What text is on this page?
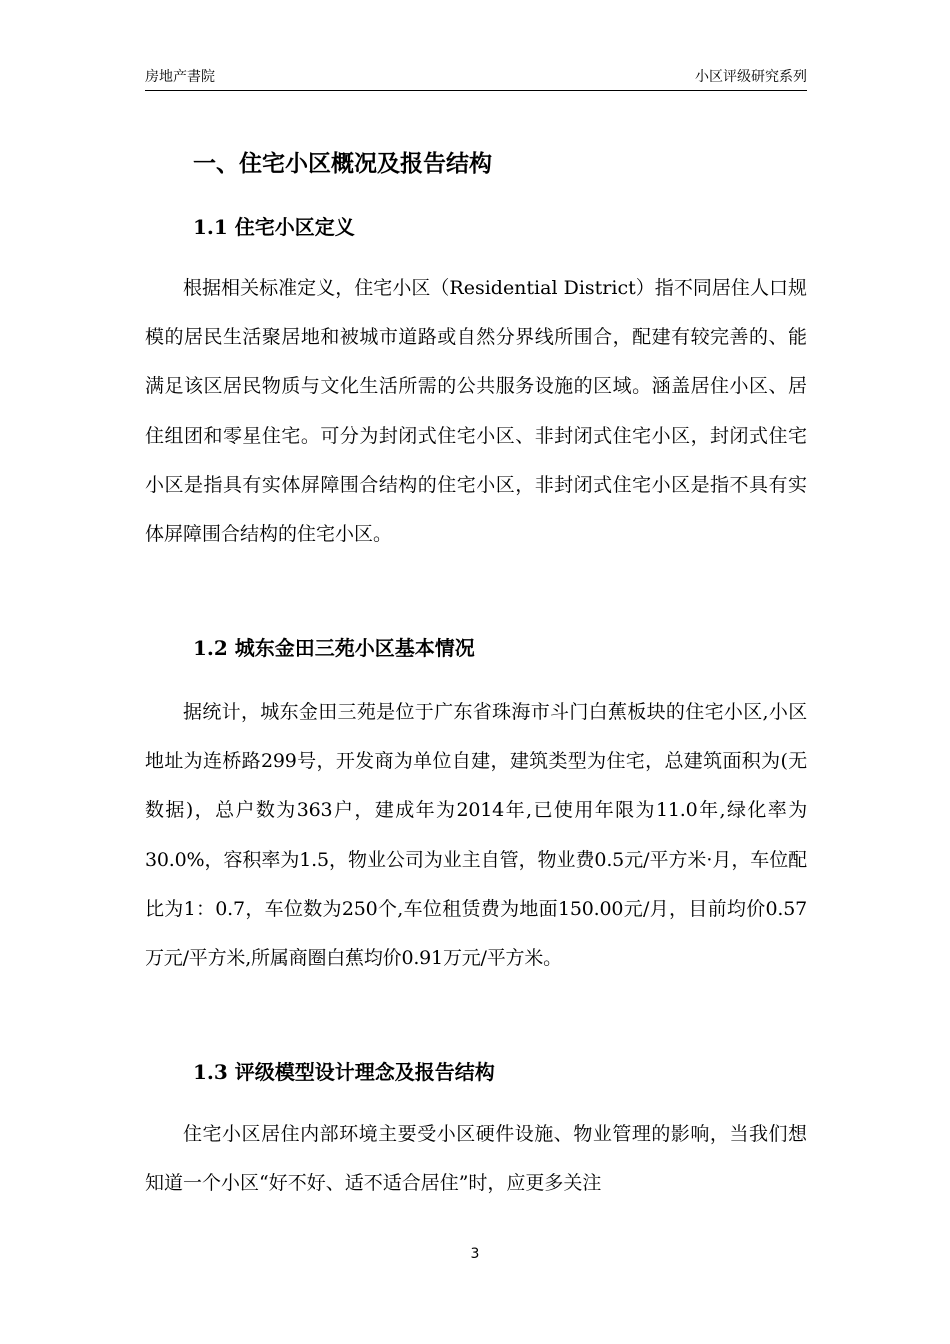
房地产書院	小区评级研究系列
一、住宅小区概况及报告结构
1.1 住宅小区定义
根据相关标准定义，住宅小区（Residential District）指不同居住人口规模的居民生活聚居地和被城市道路或自然分界线所围合，配建有较完善的、能满足该区居民物质与文化生活所需的公共服务设施的区域。涵盖居住小区、居住组团和零星住宅。可分为封闭式住宅小区、非封闭式住宅小区，封闭式住宅小区是指具有实体屏障围合结构的住宅小区，非封闭式住宅小区是指不具有实体屏障围合结构的住宅小区。
1.2 城东金田三苑小区基本情况
据统计，城东金田三苑是位于广东省珠海市斗门白蕉板块的住宅小区,小区地址为连桥路299号，开发商为单位自建，建筑类型为住宅，总建筑面积为(无数据)，总户数为363户，建成年为2014年,已使用年限为11.0年,绿化率为30.0%，容积率为1.5，物业公司为业主自管，物业费0.5元/平方米·月，车位配比为1：0.7，车位数为250个,车位租赁费为地面150.00元/月，目前均价0.57万元/平方米,所属商圈白蕉均价0.91万元/平方米。
1.3 评级模型设计理念及报告结构
住宅小区居住内部环境主要受小区硬件设施、物业管理的影响，当我们想知道一个小区“好不好、适不适合居住”时，应更多关注
3
